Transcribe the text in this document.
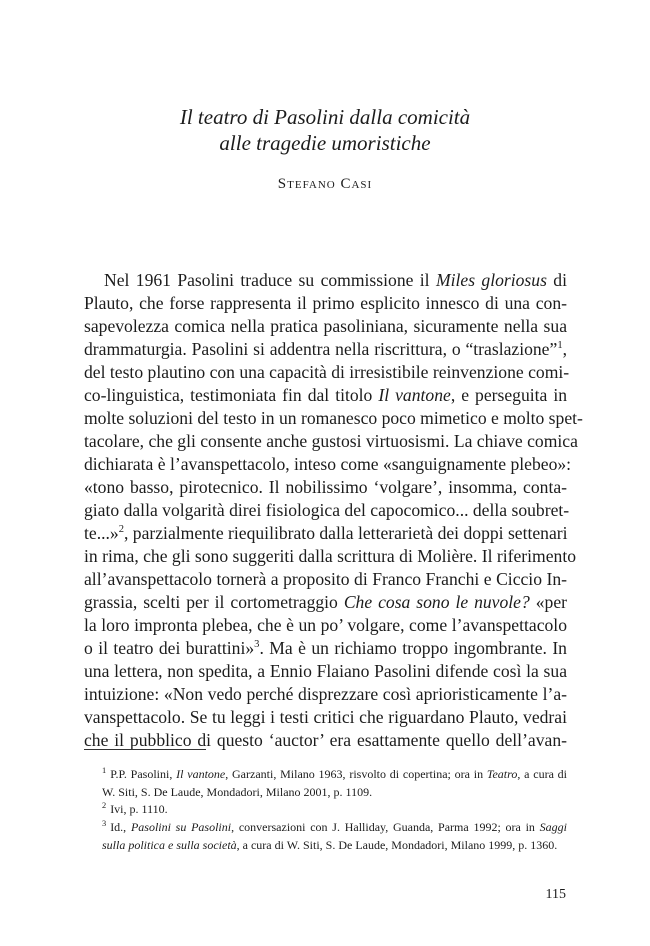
Il teatro di Pasolini dalla comicità
alle tragedie umoristiche
Stefano Casi
Nel 1961 Pasolini traduce su commissione il Miles gloriosus di
Plauto, che forse rappresenta il primo esplicito innesco di una con-
sapevolezza comica nella pratica pasoliniana, sicuramente nella sua
drammaturgia. Pasolini si addentra nella riscrittura, o “traslazione”$^1$,
del testo plautino con una capacità di irresistibile reinvenzione comi-
co-linguistica, testimoniata fin dal titolo Il vantone, e perseguita in
molte soluzioni del testo in un romanesco poco mimetico e molto spet-
tacolare, che gli consente anche gustosi virtuosismi. La chiave comica
dichiarata è l’avanspettacolo, inteso come «sanguignamente plebeo»:
«tono basso, pirotecnico. Il nobilissimo ‘volgare’, insomma, conta-
giato dalla volgarità direi fisiologica del capocomico... della soubret-
te...»$^2$, parzialmente riequilibrato dalla letterarietà dei doppi settenari
in rima, che gli sono suggeriti dalla scrittura di Molière. Il riferimento
all’avanspettacolo tornerà a proposito di Franco Franchi e Ciccio In-
grassia, scelti per il cortometraggio Che cosa sono le nuvole? «per
la loro impronta plebea, che è un po’ volgare, come l’avanspettacolo
o il teatro dei burattini»$^3$. Ma è un richiamo troppo ingombrante. In
una lettera, non spedita, a Ennio Flaiano Pasolini difende così la sua
intuizione: «Non vedo perché disprezzare così aprioristicamente l’a-
vanspettacolo. Se tu leggi i testi critici che riguardano Plauto, vedrai
che il pubblico di questo ‘auctor’ era esattamente quello dell’avan-

$^1$ P.P. Pasolini, Il vantone, Garzanti, Milano 1963, risvolto di copertina; ora in Teatro, a cura di W. Siti, S. De Laude, Mondadori, Milano 2001, p. 1109.

$^2$ Ivi, p. 1110.

$^3$ Id., Pasolini su Pasolini, conversazioni con J. Halliday, Guanda, Parma 1992; ora in Saggi sulla politica e sulla società, a cura di W. Siti, S. De Laude, Mondadori, Milano 1999, p. 1360.

115
